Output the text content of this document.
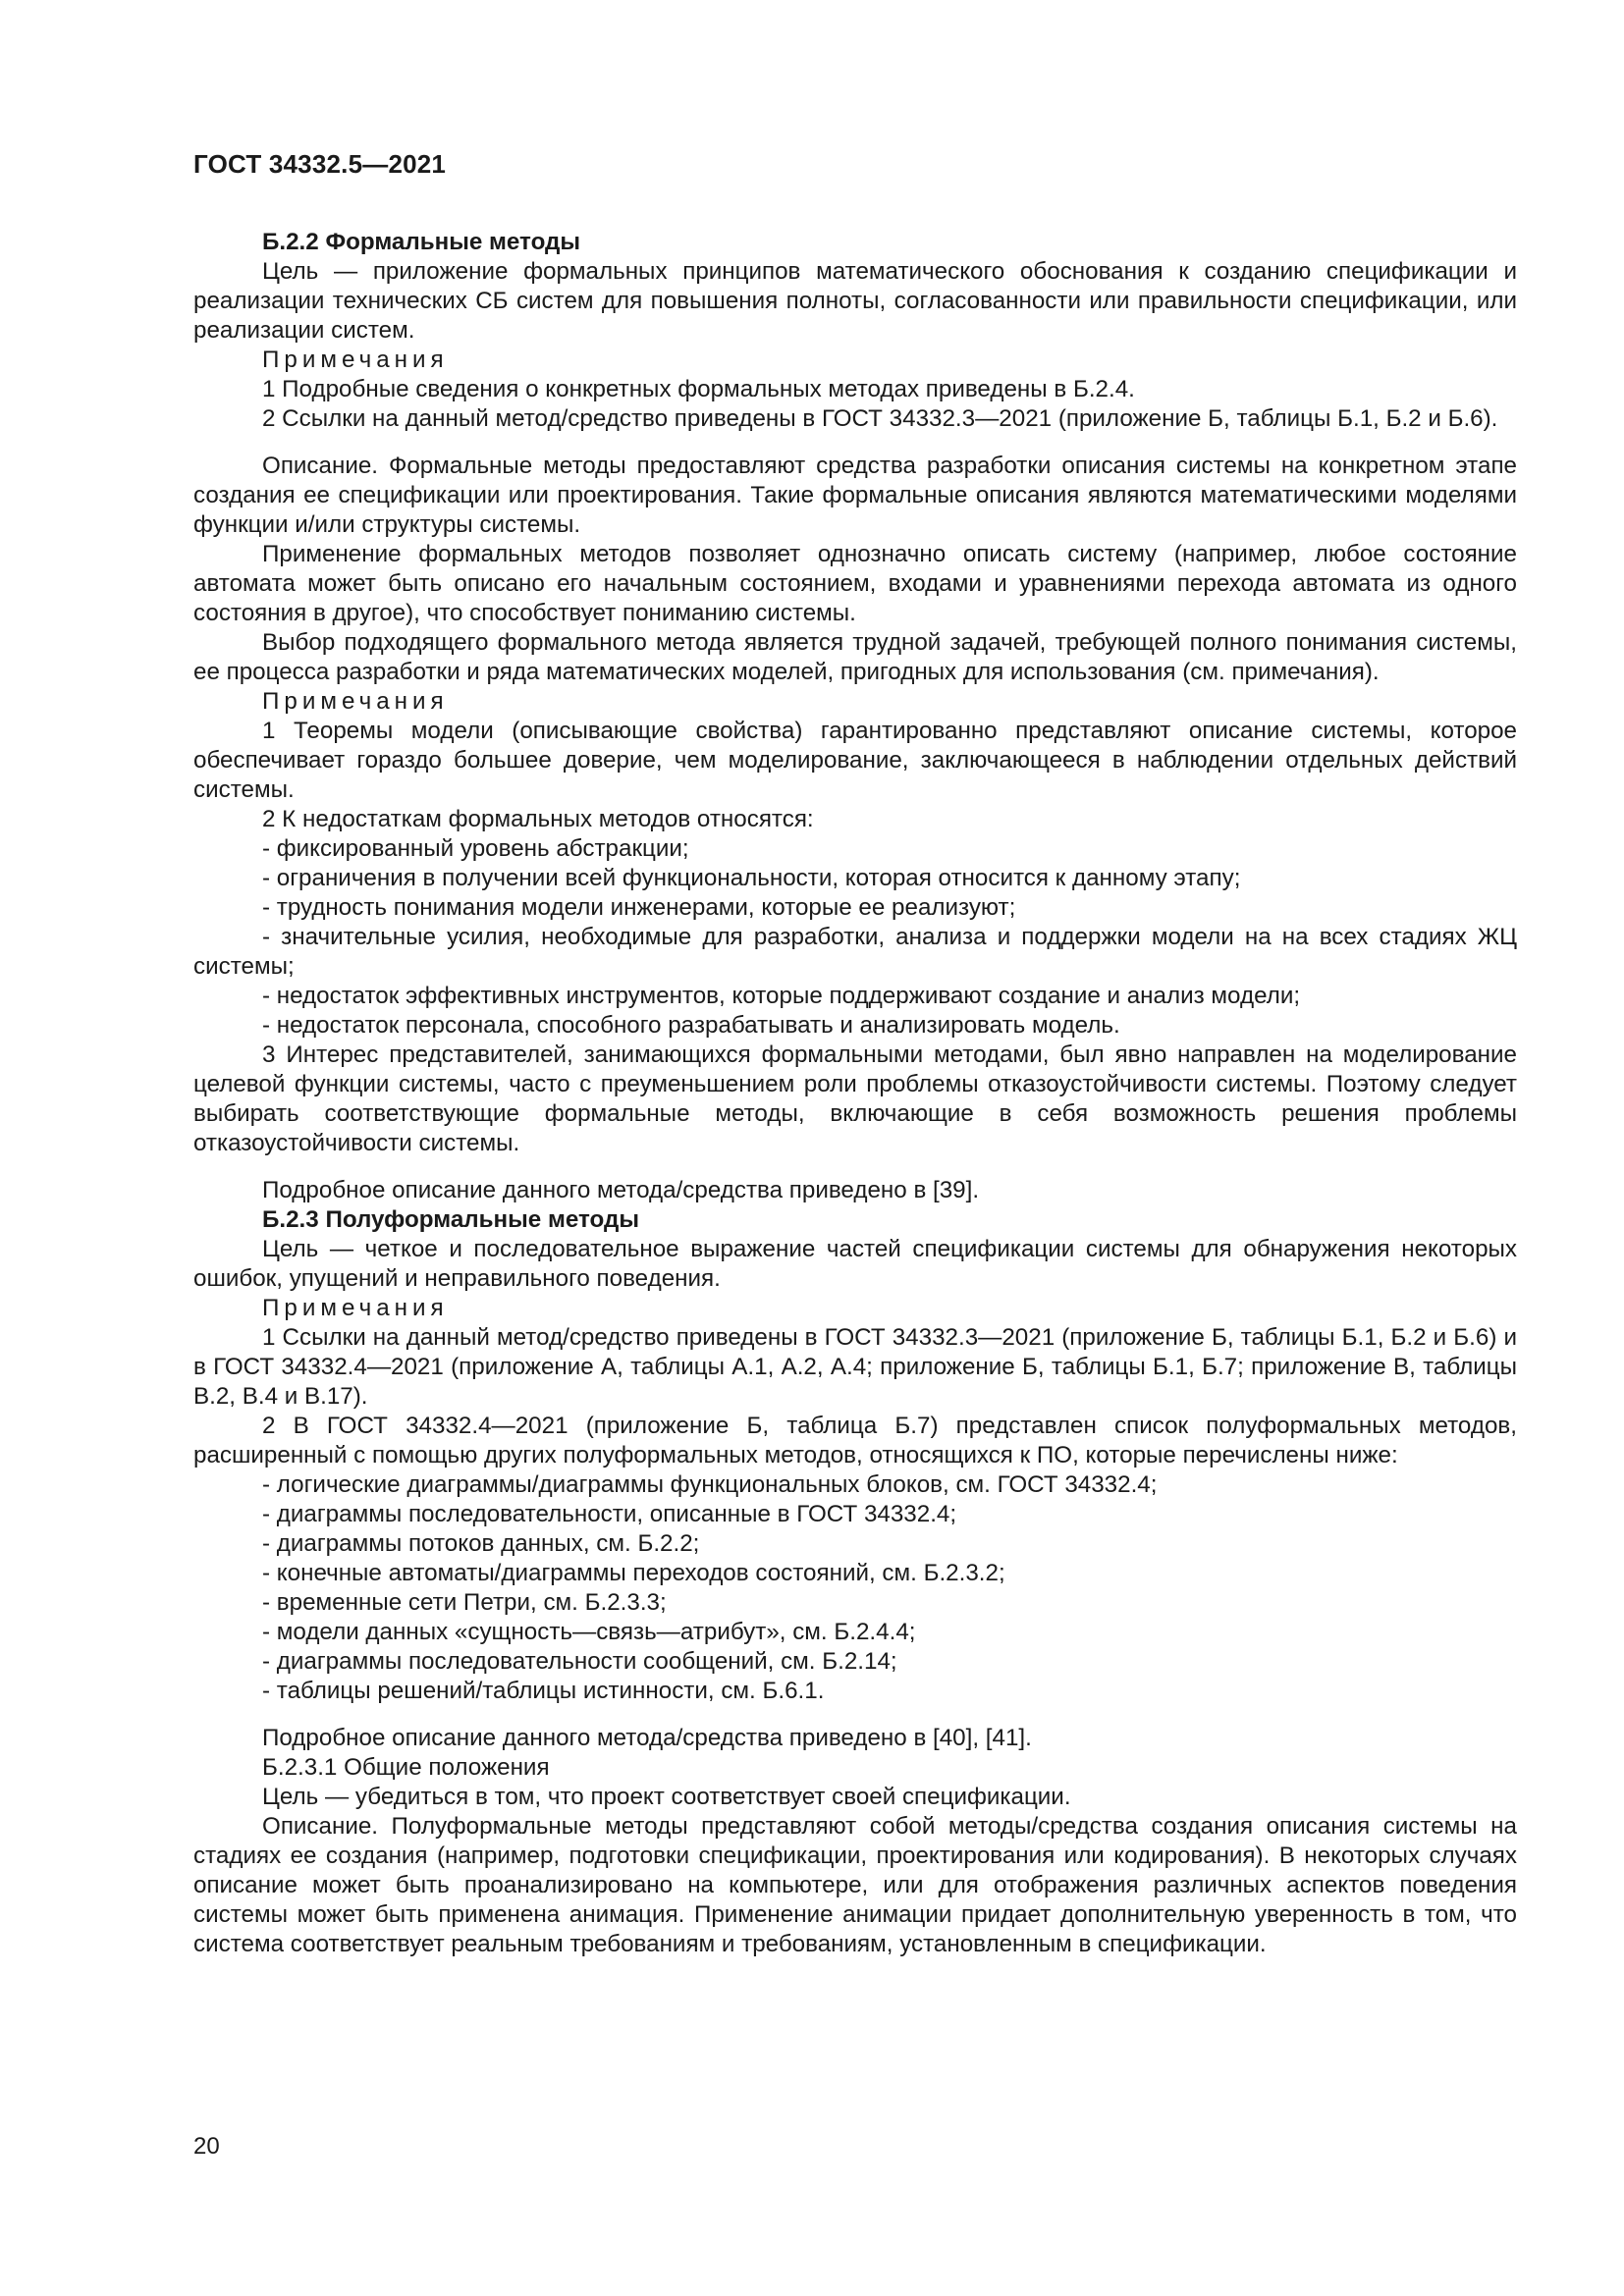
ГОСТ 34332.5—2021

Б.2.2 Формальные методы

Цель — приложение формальных принципов математического обоснования к созданию спецификации и реализации технических СБ систем для повышения полноты, согласованности или правильности спецификации, или реализации систем.

Примечания

1 Подробные сведения о конкретных формальных методах приведены в Б.2.4.

2 Ссылки на данный метод/средство приведены в ГОСТ 34332.3—2021 (приложение Б, таблицы Б.1, Б.2 и Б.6).

Описание. Формальные методы предоставляют средства разработки описания системы на конкретном этапе создания ее спецификации или проектирования. Такие формальные описания являются математическими моделями функции и/или структуры системы.

Применение формальных методов позволяет однозначно описать систему (например, любое состояние автомата может быть описано его начальным состоянием, входами и уравнениями перехода автомата из одного состояния в другое), что способствует пониманию системы.

Выбор подходящего формального метода является трудной задачей, требующей полного понимания системы, ее процесса разработки и ряда математических моделей, пригодных для использования (см. примечания).

Примечания

1 Теоремы модели (описывающие свойства) гарантированно представляют описание системы, которое обеспечивает гораздо большее доверие, чем моделирование, заключающееся в наблюдении отдельных действий системы.

2 К недостаткам формальных методов относятся:

- фиксированный уровень абстракции;

- ограничения в получении всей функциональности, которая относится к данному этапу;

- трудность понимания модели инженерами, которые ее реализуют;

- значительные усилия, необходимые для разработки, анализа и поддержки модели на на всех стадиях ЖЦ системы;

- недостаток эффективных инструментов, которые поддерживают создание и анализ модели;

- недостаток персонала, способного разрабатывать и анализировать модель.

3 Интерес представителей, занимающихся формальными методами, был явно направлен на моделирование целевой функции системы, часто с преуменьшением роли проблемы отказоустойчивости системы. Поэтому следует выбирать соответствующие формальные методы, включающие в себя возможность решения проблемы отказоустойчивости системы.

Подробное описание данного метода/средства приведено в [39].

Б.2.3 Полуформальные методы

Цель — четкое и последовательное выражение частей спецификации системы для обнаружения некоторых ошибок, упущений и неправильного поведения.

Примечания

1 Ссылки на данный метод/средство приведены в ГОСТ 34332.3—2021 (приложение Б, таблицы Б.1, Б.2 и Б.6) и в ГОСТ 34332.4—2021 (приложение А, таблицы А.1, А.2, А.4; приложение Б, таблицы Б.1, Б.7; приложение В, таблицы В.2, В.4 и В.17).

2 В ГОСТ 34332.4—2021 (приложение Б, таблица Б.7) представлен список полуформальных методов, расширенный с помощью других полуформальных методов, относящихся к ПО, которые перечислены ниже:

- логические диаграммы/диаграммы функциональных блоков, см. ГОСТ 34332.4;

- диаграммы последовательности, описанные в ГОСТ 34332.4;

- диаграммы потоков данных, см. Б.2.2;

- конечные автоматы/диаграммы переходов состояний, см. Б.2.3.2;

- временные сети Петри, см. Б.2.3.3;

- модели данных «сущность—связь—атрибут», см. Б.2.4.4;

- диаграммы последовательности сообщений, см. Б.2.14;

- таблицы решений/таблицы истинности, см. Б.6.1.

Подробное описание данного метода/средства приведено в [40], [41].

Б.2.3.1 Общие положения

Цель — убедиться в том, что проект соответствует своей спецификации.

Описание. Полуформальные методы представляют собой методы/средства создания описания системы на стадиях ее создания (например, подготовки спецификации, проектирования или кодирования). В некоторых случаях описание может быть проанализировано на компьютере, или для отображения различных аспектов поведения системы может быть применена анимация. Применение анимации придает дополнительную уверенность в том, что система соответствует реальным требованиям и требованиям, установленным в спецификации.

20
